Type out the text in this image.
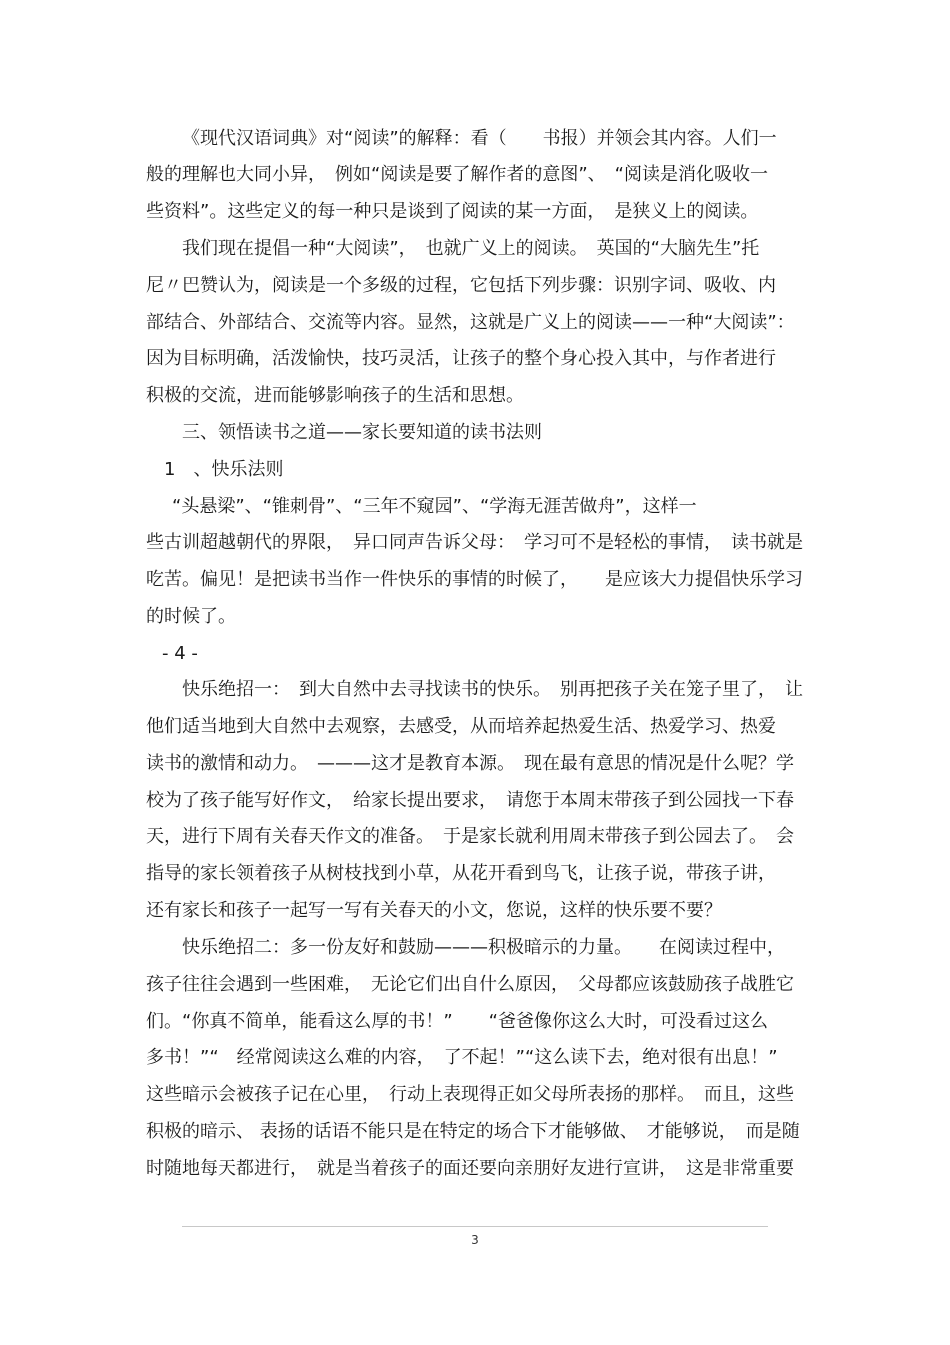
《现代汉语词典》对“阅读”的解释：看（　　书报）并领会其内容。人们一
般的理解也大同小异，　例如“阅读是要了解作者的意图”、　“阅读是消化吸收一
些资料”。这些定义的每一种只是谈到了阅读的某一方面，　是狭义上的阅读。
我们现在提倡一种“大阅读”，　也就广义上的阅读。　英国的“大脑先生”托
尼〃巴赞认为，阅读是一个多级的过程，它包括下列步骤：识别字词、吸收、内
部结合、外部结合、交流等内容。显然，这就是广义上的阅读——一种“大阅读”：
因为目标明确，活泼愉快，技巧灵活，让孩子的整个身心投入其中，与作者进行
积极的交流，进而能够影响孩子的生活和思想。
三、领悟读书之道——家长要知道的读书法则
1　、快乐法则
“头悬梁”、“锥刺骨”、“三年不窥园”、“学海无涯苦做舟”，这样一
些古训超越朝代的界限，　异口同声告诉父母：　学习可不是轻松的事情，　读书就是
吃苦。偏见！是把读书当作一件快乐的事情的时候了，　　是应该大力提倡快乐学习
的时候了。
- 4 -
快乐绝招一：　到大自然中去寻找读书的快乐。　别再把孩子关在笼子里了，　让
他们适当地到大自然中去观察，去感受，从而培养起热爱生活、热爱学习、热爱
读书的激情和动力。　———这才是教育本源。　现在最有意思的情况是什么呢？学
校为了孩子能写好作文，　给家长提出要求，　请您于本周末带孩子到公园找一下春
天，进行下周有关春天作文的准备。　于是家长就利用周末带孩子到公园去了。　会
指导的家长领着孩子从树枝找到小草，从花开看到鸟飞，让孩子说，带孩子讲，
还有家长和孩子一起写一写有关春天的小文，您说，这样的快乐要不要？
快乐绝招二：多一份友好和鼓励———积极暗示的力量。　　在阅读过程中，
孩子往往会遇到一些困难，　无论它们出自什么原因，　父母都应该鼓励孩子战胜它
们。“你真不简单，能看这么厚的书！”　　“爸爸像你这么大时，可没看过这么
多书！”“　经常阅读这么难的内容，　了不起！”“这么读下去，绝对很有出息！”
这些暗示会被孩子记在心里，　行动上表现得正如父母所表扬的那样。　而且，这些
积极的暗示、 表扬的话语不能只是在特定的场合下才能够做、　才能够说，　而是随
时随地每天都进行，　就是当着孩子的面还要向亲朋好友进行宣讲，　这是非常重要
3
